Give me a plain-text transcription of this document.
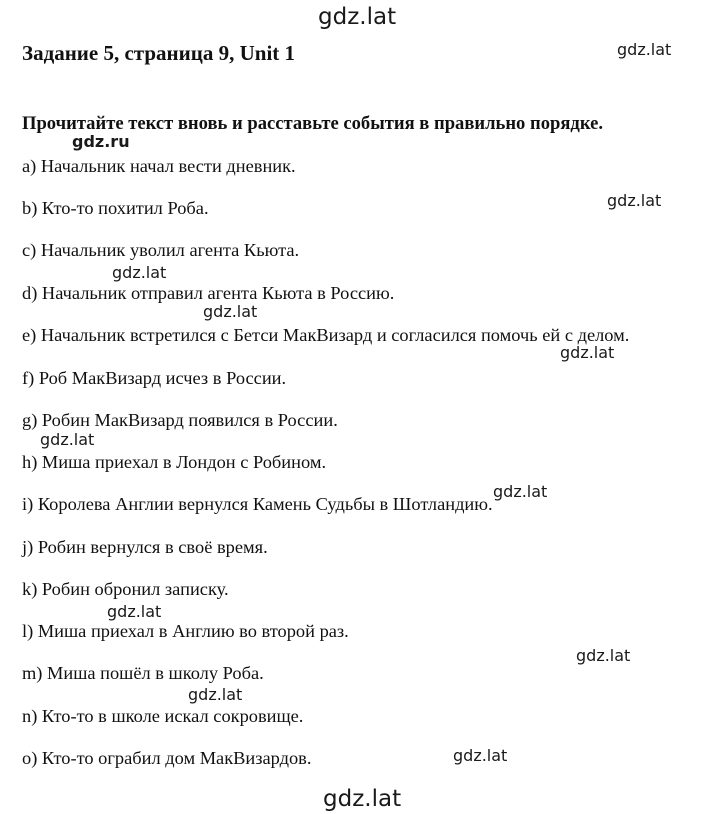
gdz.lat
gdz.lat
gdz.ru
gdz.lat
gdz.lat
gdz.lat
gdz.lat
gdz.lat
gdz.lat
gdz.lat
gdz.lat
gdz.lat
gdz.lat
gdz.lat
Задание 5, страница 9, Unit 1

Прочитайте текст вновь и расставьте события в правильно порядке.

a) Начальник начал вести дневник.

b) Кто-то похитил Роба.

c) Начальник уволил агента Кьюта.

d) Начальник отправил агента Кьюта в Россию.

e) Начальник встретился с Бетси МакВизард и согласился помочь ей с делом.

f) Роб МакВизард исчез в России.

g) Робин МакВизард появился в России.

h) Миша приехал в Лондон с Робином.

i) Королева Англии вернулся Камень Судьбы в Шотландию.

j) Робин вернулся в своё время.

k) Робин обронил записку.

l) Миша приехал в Англию во второй раз.

m) Миша пошёл в школу Роба.

n) Кто-то в школе искал сокровище.

o) Кто-то ограбил дом МакВизардов.
